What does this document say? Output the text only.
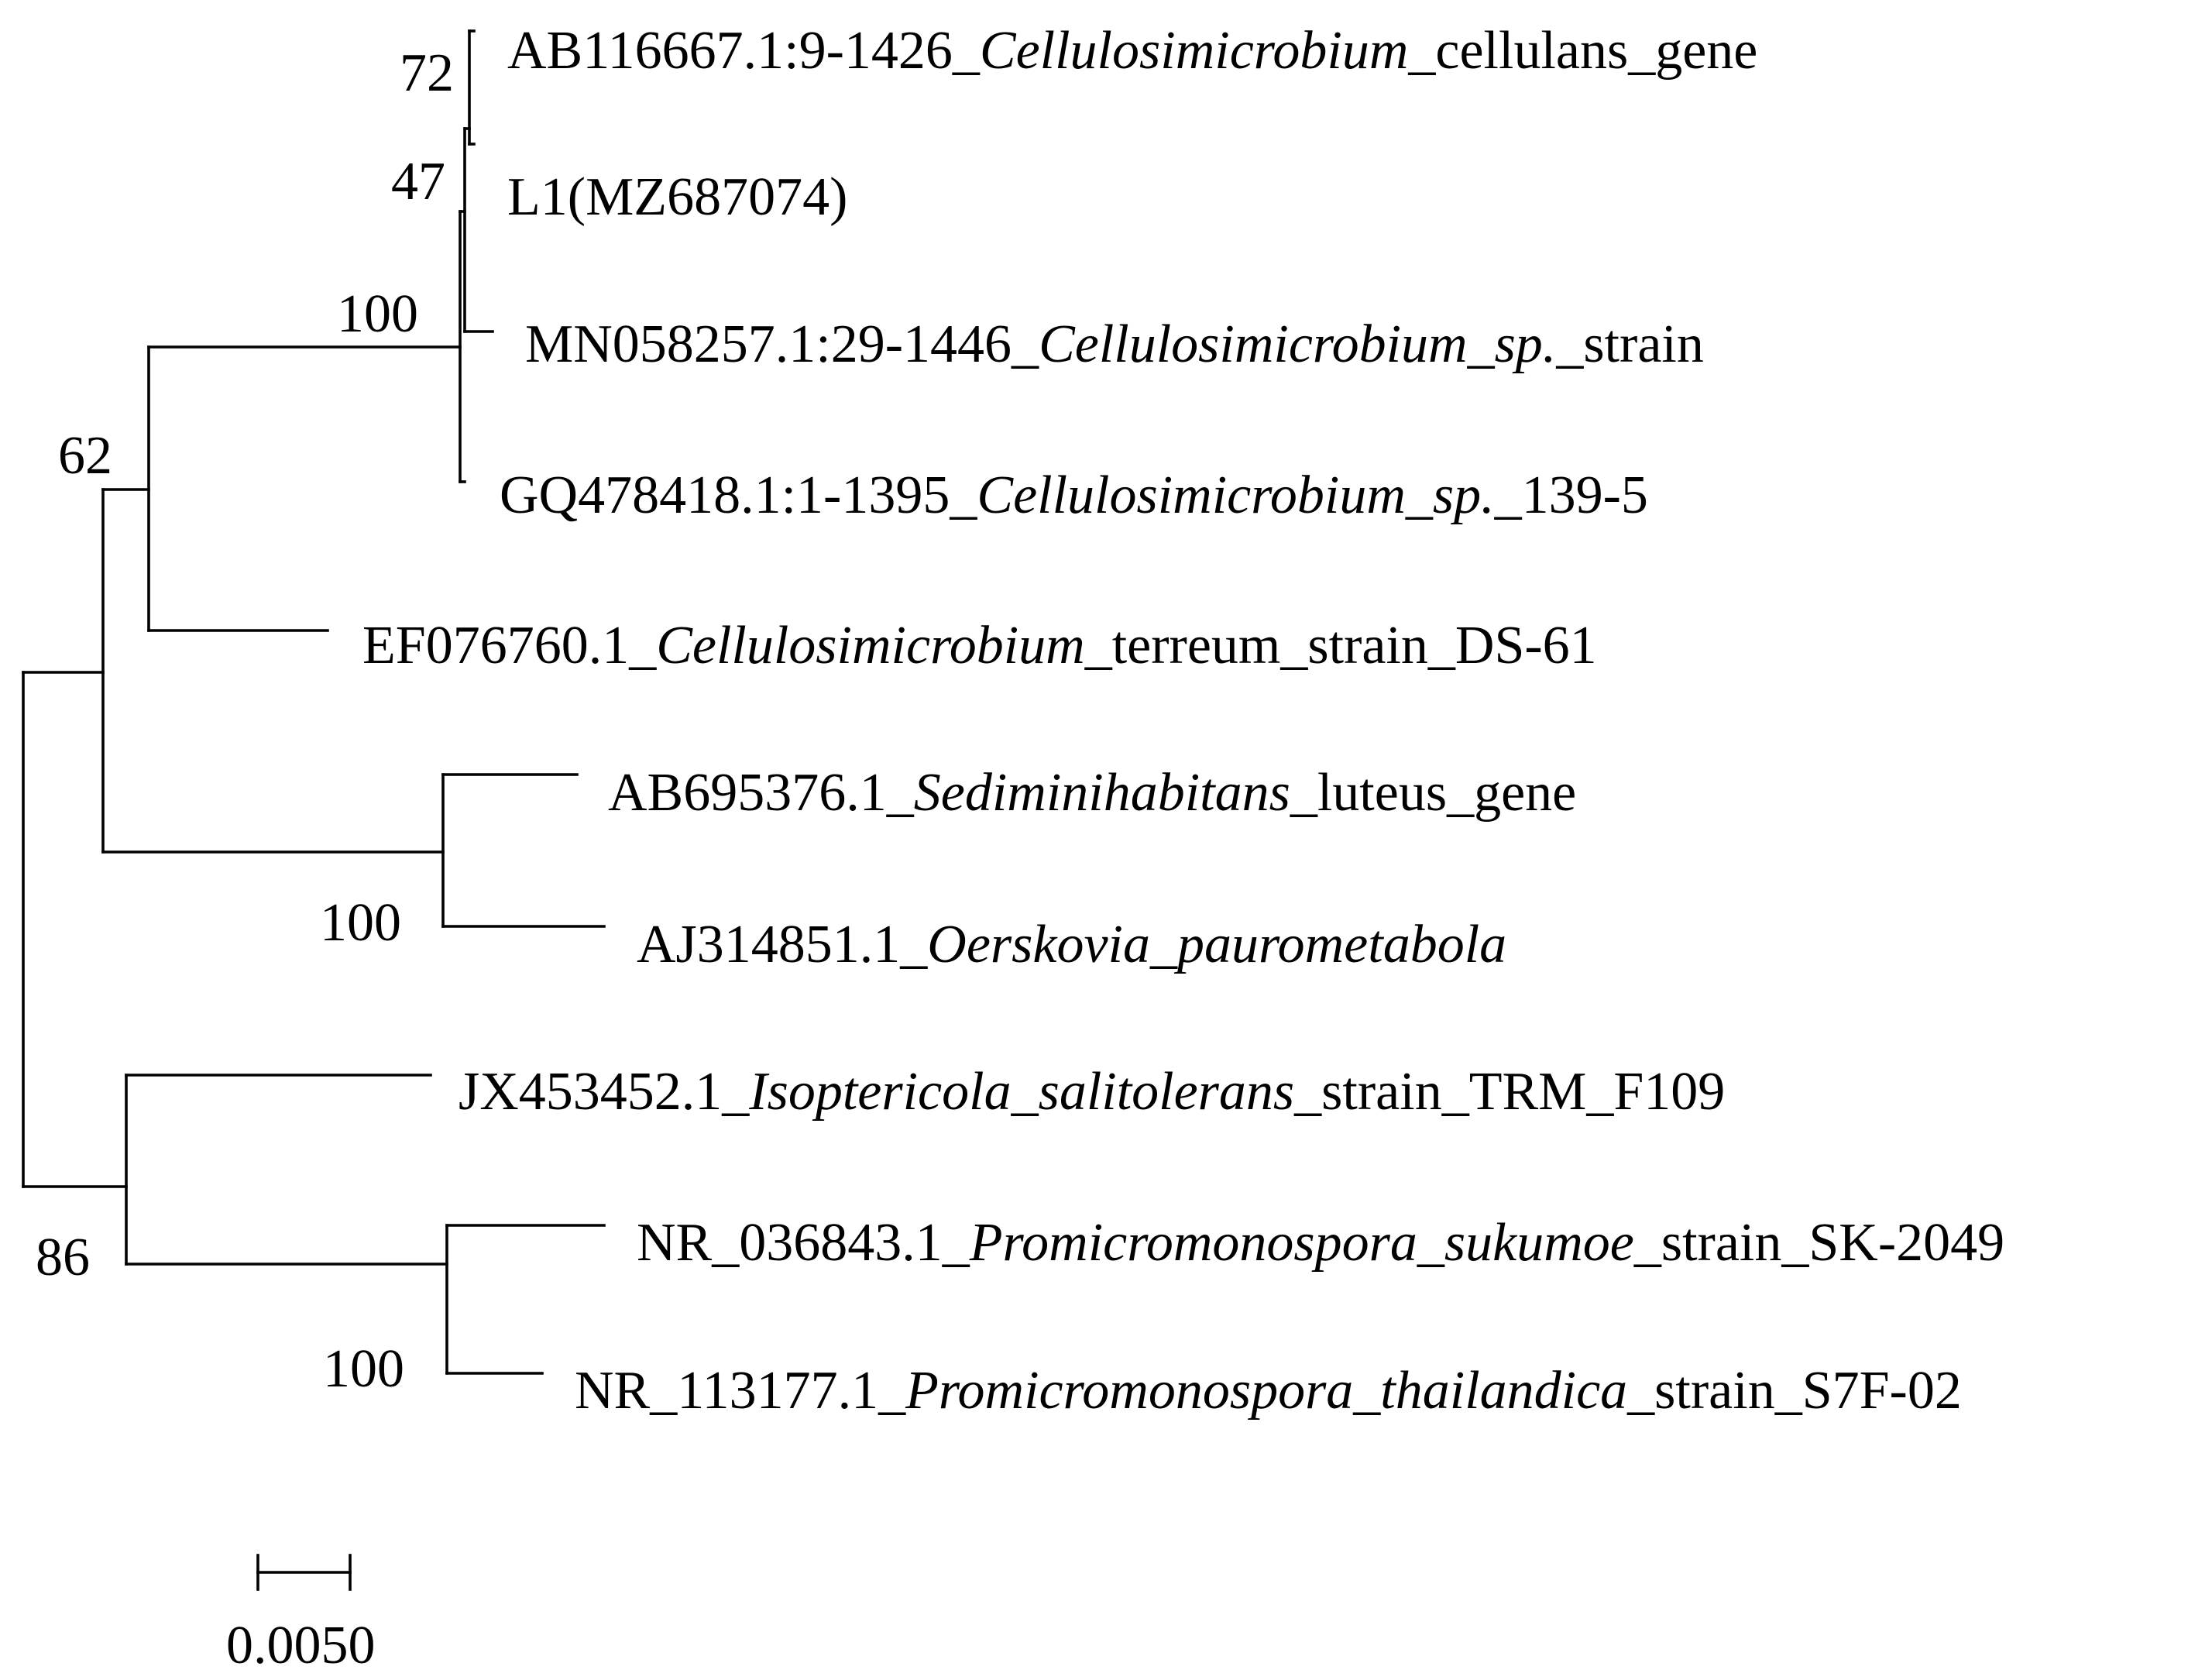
AB116667.1:9-1426_Cellulosimicrobium_cellulans_gene
L1(MZ687074)
MN058257.1:29-1446_Cellulosimicrobium_sp._strain
GQ478418.1:1-1395_Cellulosimicrobium_sp._139-5
EF076760.1_Cellulosimicrobium_terreum_strain_DS-61
AB695376.1_Sediminihabitans_luteus_gene
AJ314851.1_Oerskovia_paurometabola
JX453452.1_Isoptericola_salitolerans_strain_TRM_F109
NR_036843.1_Promicromonospora_sukumoe_strain_SK-2049
NR_113177.1_Promicromonospora_thailandica_strain_S7F-02
72
47
100
62
100
86
100
0.0050
